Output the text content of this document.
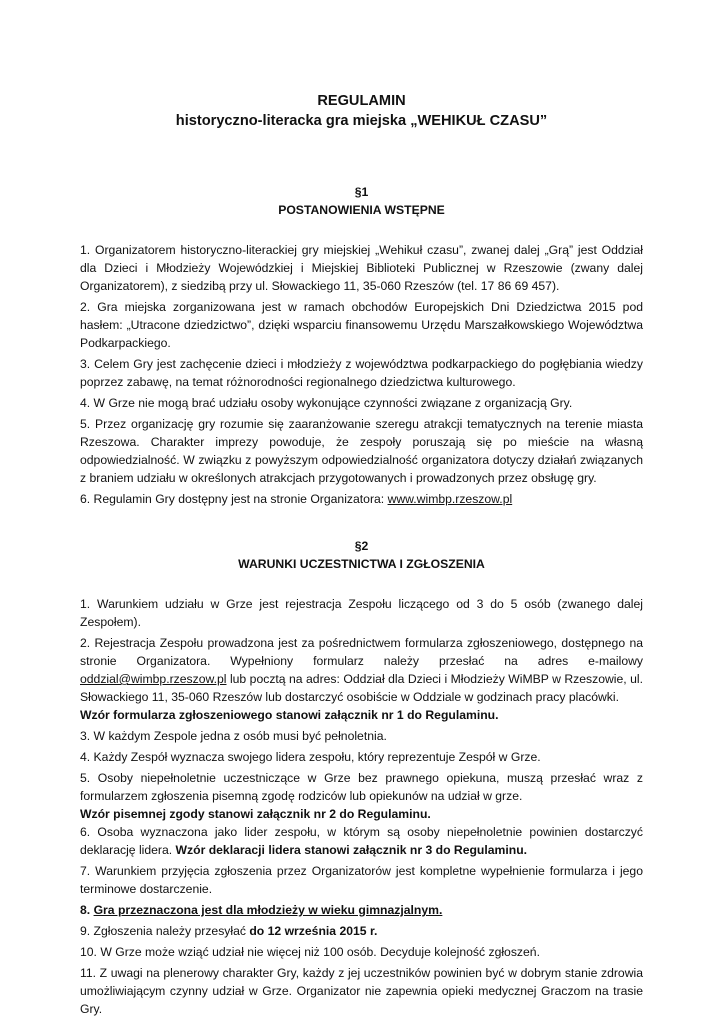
REGULAMIN

historyczno-literacka gra miejska „WEHIKUŁ CZASU”

§1

POSTANOWIENIA WSTĘPNE

1. Organizatorem historyczno-literackiej gry miejskiej „Wehikuł czasu”, zwanej dalej „Grą” jest Oddział dla Dzieci i Młodzieży Wojewódzkiej i Miejskiej Biblioteki Publicznej w Rzeszowie (zwany dalej Organizatorem), z siedzibą przy ul. Słowackiego 11, 35-060 Rzeszów (tel. 17 86 69 457).

2. Gra miejska zorganizowana jest w ramach obchodów Europejskich Dni Dziedzictwa 2015 pod hasłem: „Utracone dziedzictwo”, dzięki wsparciu finansowemu Urzędu Marszałkowskiego Województwa Podkarpackiego.

3. Celem Gry jest zachęcenie dzieci i młodzieży z województwa podkarpackiego do pogłębiania wiedzy poprzez zabawę, na temat różnorodności regionalnego dziedzictwa kulturowego.

4. W Grze nie mogą brać udziału osoby wykonujące czynności związane z organizacją Gry.

5. Przez organizację gry rozumie się zaaranżowanie szeregu atrakcji tematycznych na terenie miasta Rzeszowa. Charakter imprezy powoduje, że zespoły poruszają się po mieście na własną odpowiedzialność. W związku z powyższym odpowiedzialność organizatora dotyczy działań związanych z braniem udziału w określonych atrakcjach przygotowanych i prowadzonych przez obsługę gry.

6. Regulamin Gry dostępny jest na stronie Organizatora: www.wimbp.rzeszow.pl

§2

WARUNKI UCZESTNICTWA I ZGŁOSZENIA

1. Warunkiem udziału w Grze jest rejestracja Zespołu liczącego od 3 do 5 osób (zwanego dalej Zespołem).

2. Rejestracja Zespołu prowadzona jest za pośrednictwem formularza zgłoszeniowego, dostępnego na stronie Organizatora. Wypełniony formularz należy przesłać na adres e-mailowy oddzial@wimbp.rzeszow.pl lub pocztą na adres: Oddział dla Dzieci i Młodzieży WiMBP w Rzeszowie, ul. Słowackiego 11, 35-060 Rzeszów lub dostarczyć osobiście w Oddziale w godzinach pracy placówki.

Wzór formularza zgłoszeniowego stanowi załącznik nr 1 do Regulaminu.

3. W każdym Zespole jedna z osób musi być pełnoletnia.

4. Każdy Zespół wyznacza swojego lidera zespołu, który reprezentuje Zespół w Grze.

5. Osoby niepełnoletnie uczestniczące w Grze bez prawnego opiekuna, muszą przesłać wraz z formularzem zgłoszenia pisemną zgodę rodziców lub opiekunów na udział w grze.

Wzór pisemnej zgody stanowi załącznik nr 2 do Regulaminu.

6. Osoba wyznaczona jako lider zespołu, w którym są osoby niepełnoletnie powinien dostarczyć deklarację lidera. Wzór deklaracji lidera stanowi załącznik nr 3 do Regulaminu.

7. Warunkiem przyjęcia zgłoszenia przez Organizatorów jest kompletne wypełnienie formularza i jego terminowe dostarczenie.

8. Gra przeznaczona jest dla młodzieży w wieku gimnazjalnym.

9. Zgłoszenia należy przesyłać do 12 września 2015 r.

10. W Grze może wziąć udział nie więcej niż 100 osób. Decyduje kolejność zgłoszeń.

11. Z uwagi na plenerowy charakter Gry, każdy z jej uczestników powinien być w dobrym stanie zdrowia umożliwiającym czynny udział w Grze. Organizator nie zapewnia opieki medycznej Graczom na trasie Gry.
